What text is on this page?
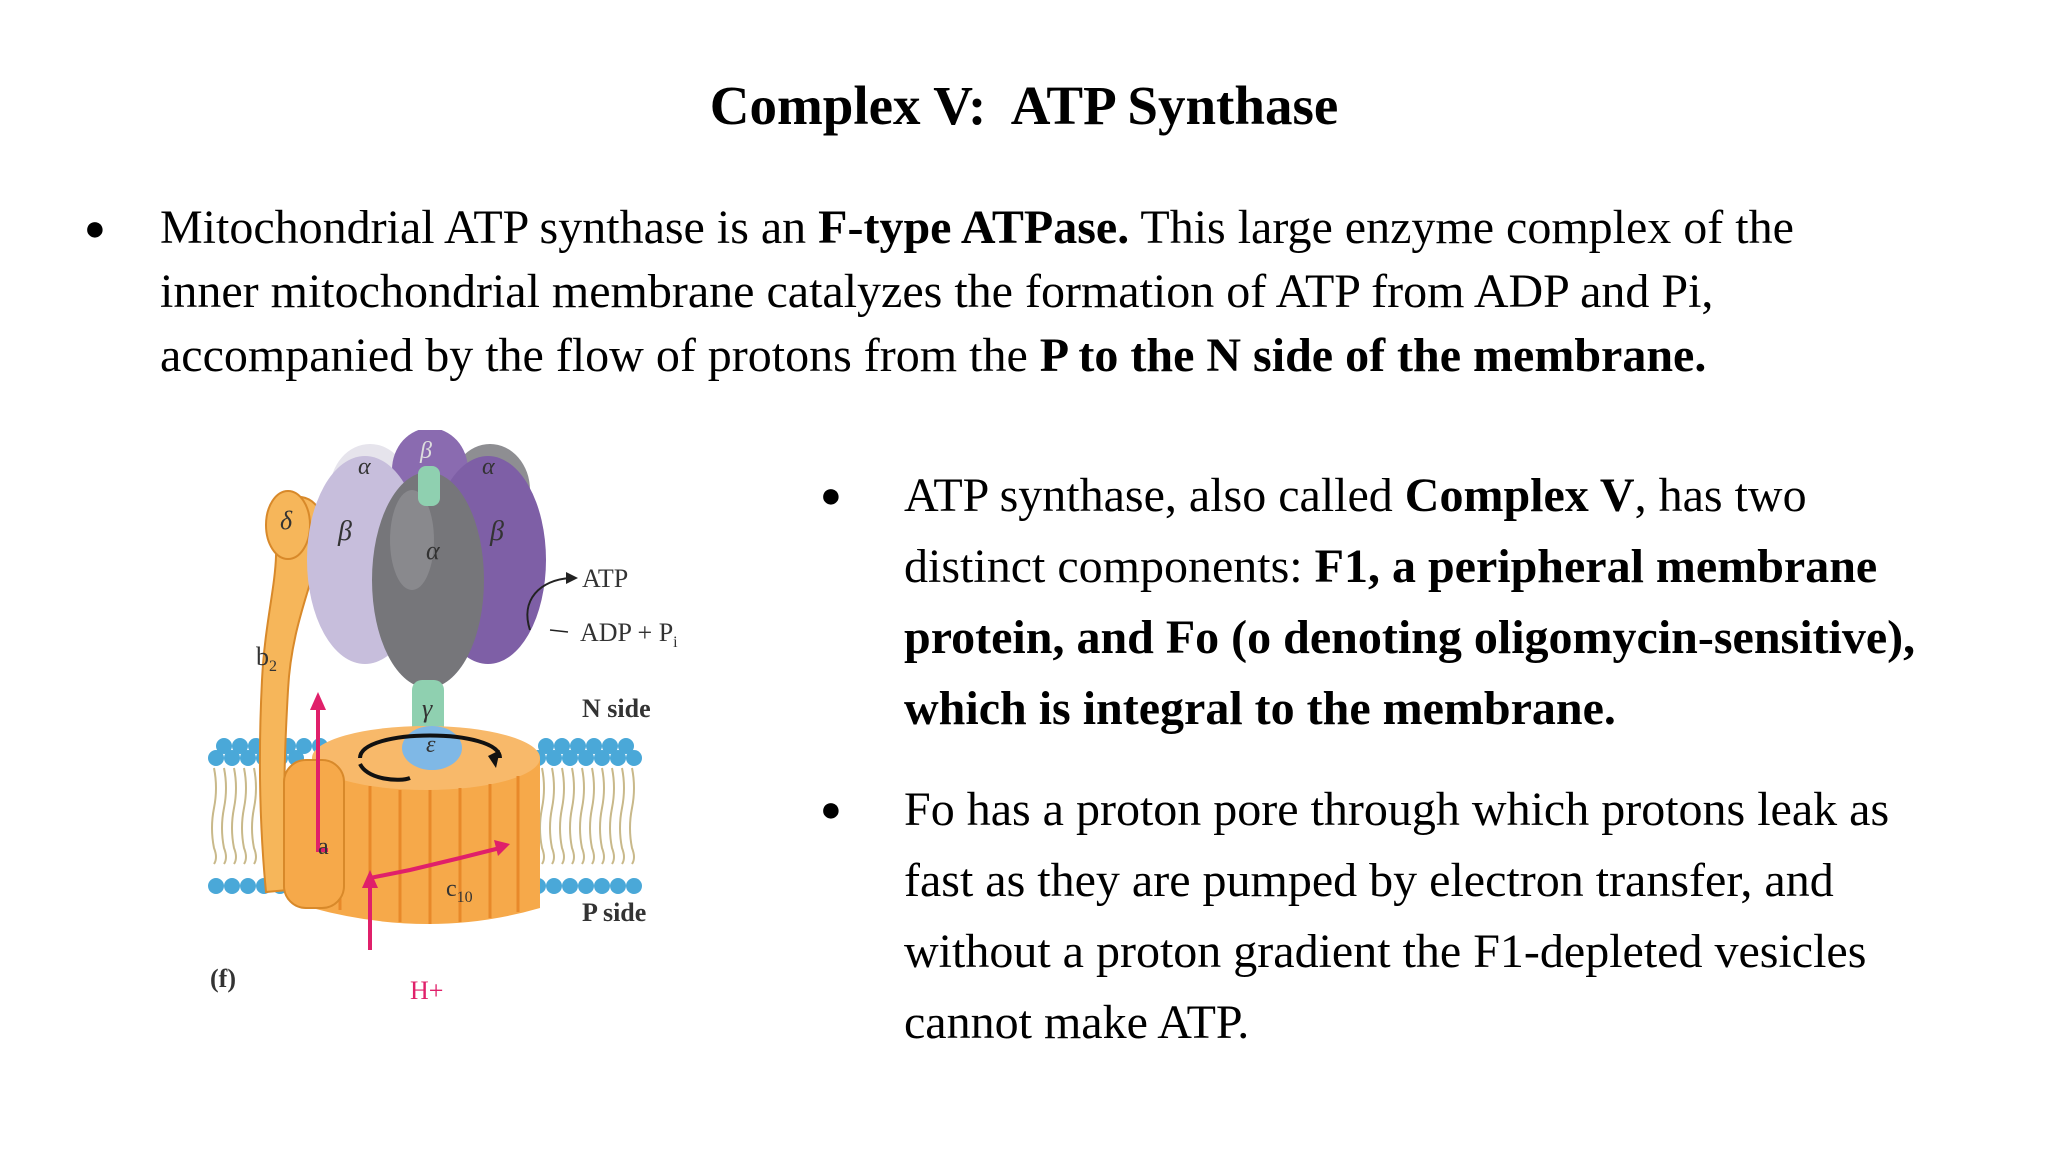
Complex V:  ATP Synthase
●	Mitochondrial ATP synthase is an F-type ATPase. This large enzyme complex of the
inner mitochondrial membrane catalyzes the formation of ATP from ADP and Pi,
accompanied by the flow of protons from the P to the N side of the membrane.
β
α	α
β	β
α
δ
γ
ε
$b_2$
a
$c_{10}$
ATP
ADP + $P_i$
N side
P side
(f)	H+
● ATP synthase, also called Complex V, has two
distinct components: F1, a peripheral membrane
protein, and Fo (o denoting oligomycin-sensitive),
which is integral to the membrane.
● Fo has a proton pore through which protons leak as
fast as they are pumped by electron transfer, and
without a proton gradient the F1-depleted vesicles
cannot make ATP.
